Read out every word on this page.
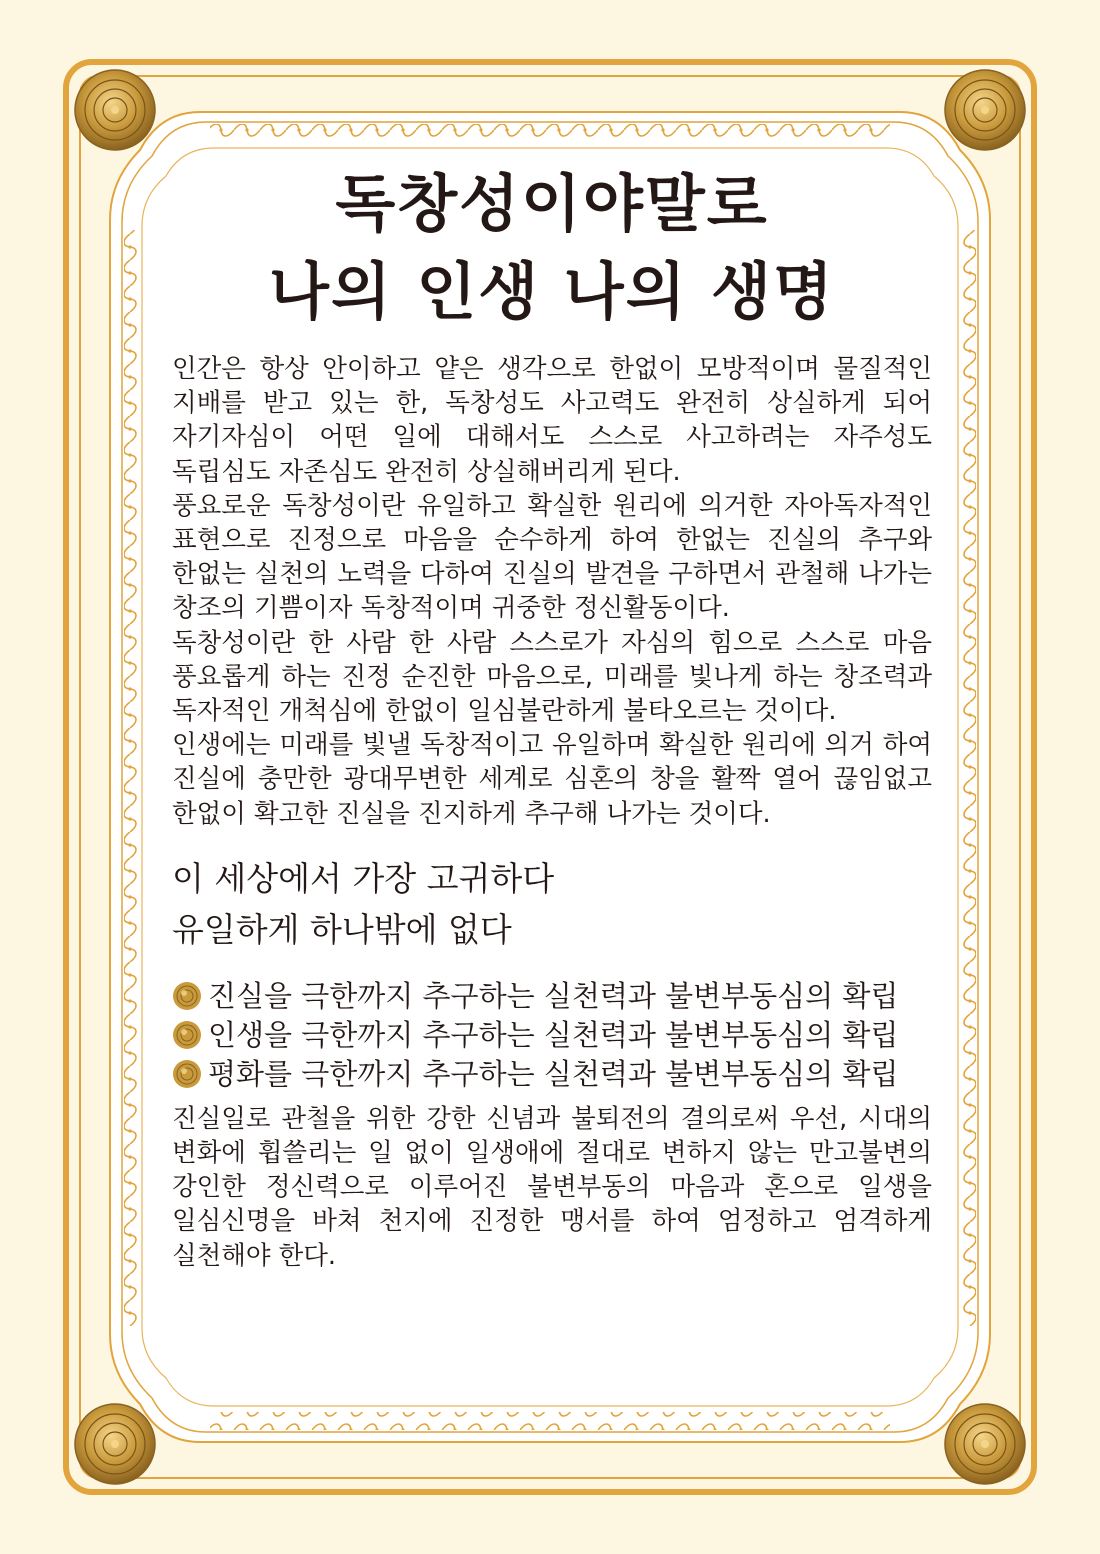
독창성이야말로

나의 인생 나의 생명

인간은 항상 안이하고 얕은 생각으로 한없이 모방적이며 물질적인 지배를 받고 있는 한, 독창성도 사고력도 완전히 상실하게 되어 자기자심이 어떤 일에 대해서도 스스로 사고하려는 자주성도 독립심도 자존심도 완전히 상실해버리게 된다.

풍요로운 독창성이란 유일하고 확실한 원리에 의거한 자아독자적인 표현으로 진정으로 마음을 순수하게 하여 한없는 진실의 추구와 한없는 실천의 노력을 다하여 진실의 발견을 구하면서 관철해 나가는 창조의 기쁨이자 독창적이며 귀중한 정신활동이다.

독창성이란 한 사람 한 사람 스스로가 자심의 힘으로 스스로 마음 풍요롭게 하는 진정 순진한 마음으로, 미래를 빛나게 하는 창조력과 독자적인 개척심에 한없이 일심불란하게 불타오르는 것이다.

인생에는 미래를 빛낼 독창적이고 유일하며 확실한 원리에 의거 하여 진실에 충만한 광대무변한 세계로 심혼의 창을 활짝 열어 끊임없고 한없이 확고한 진실을 진지하게 추구해 나가는 것이다.

이 세상에서 가장 고귀하다

유일하게 하나밖에 없다

진실을 극한까지 추구하는 실천력과 불변부동심의 확립

인생을 극한까지 추구하는 실천력과 불변부동심의 확립

평화를 극한까지 추구하는 실천력과 불변부동심의 확립

진실일로 관철을 위한 강한 신념과 불퇴전의 결의로써 우선, 시대의 변화에 휩쓸리는 일 없이 일생애에 절대로 변하지 않는 만고불변의 강인한 정신력으로 이루어진 불변부동의 마음과 혼으로 일생을 일심신명을 바쳐 천지에 진정한 맹서를 하여 엄정하고 엄격하게 실천해야 한다.
